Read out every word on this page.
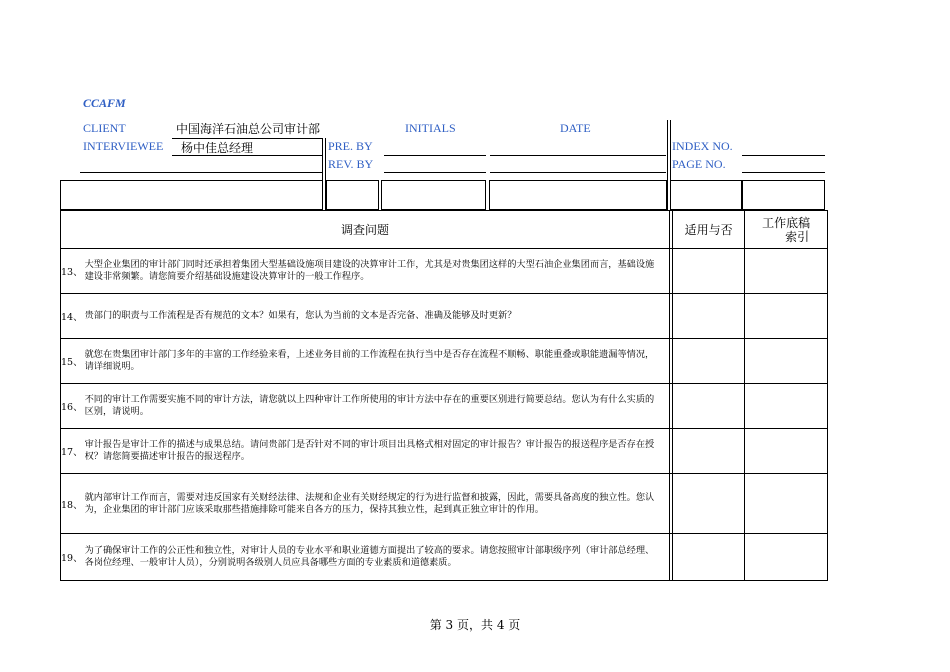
CCAFM
CLIENT	中国海洋石油总公司审计部	INITIALS	DATE
INTERVIEWEE 杨中佳总经理	PRE. BY
REV. BY
INDEX NO.
PAGE NO.
调查问题			适用与否	工作底稿
索引

13、	大型企业集团的审计部门同时还承担着集团大型基础设施项目建设的决算审计工作，尤其是对贵集团这样的大型石油企业集团而言，基础设施建设非常频繁。请您简要介绍基础设施建设决算审计的一般工作程序。			
14、	贵部门的职责与工作流程是否有规范的文本？如果有，您认为当前的文本是否完备、准确及能够及时更新？			
15、	就您在贵集团审计部门多年的丰富的工作经验来看，上述业务目前的工作流程在执行当中是否存在流程不顺畅、职能重叠或职能遗漏等情况，请详细说明。			
16、	不同的审计工作需要实施不同的审计方法，请您就以上四种审计工作所使用的审计方法中存在的重要区别进行简要总结。您认为有什么实质的区别，请说明。			
17、	审计报告是审计工作的描述与成果总结。请问贵部门是否针对不同的审计项目出具格式相对固定的审计报告？审计报告的报送程序是否存在授权？请您简要描述审计报告的报送程序。			
18、	就内部审计工作而言，需要对违反国家有关财经法律、法规和企业有关财经规定的行为进行监督和披露，因此，需要具备高度的独立性。您认为，企业集团的审计部门应该采取那些措施排除可能来自各方的压力，保持其独立性，起到真正独立审计的作用。			
19、	为了确保审计工作的公正性和独立性，对审计人员的专业水平和职业道德方面提出了较高的要求。请您按照审计部职级序列（审计部总经理、各岗位经理、一般审计人员），分别说明各级别人员应具备哪些方面的专业素质和道德素质。			
第 3 页，共 4 页
